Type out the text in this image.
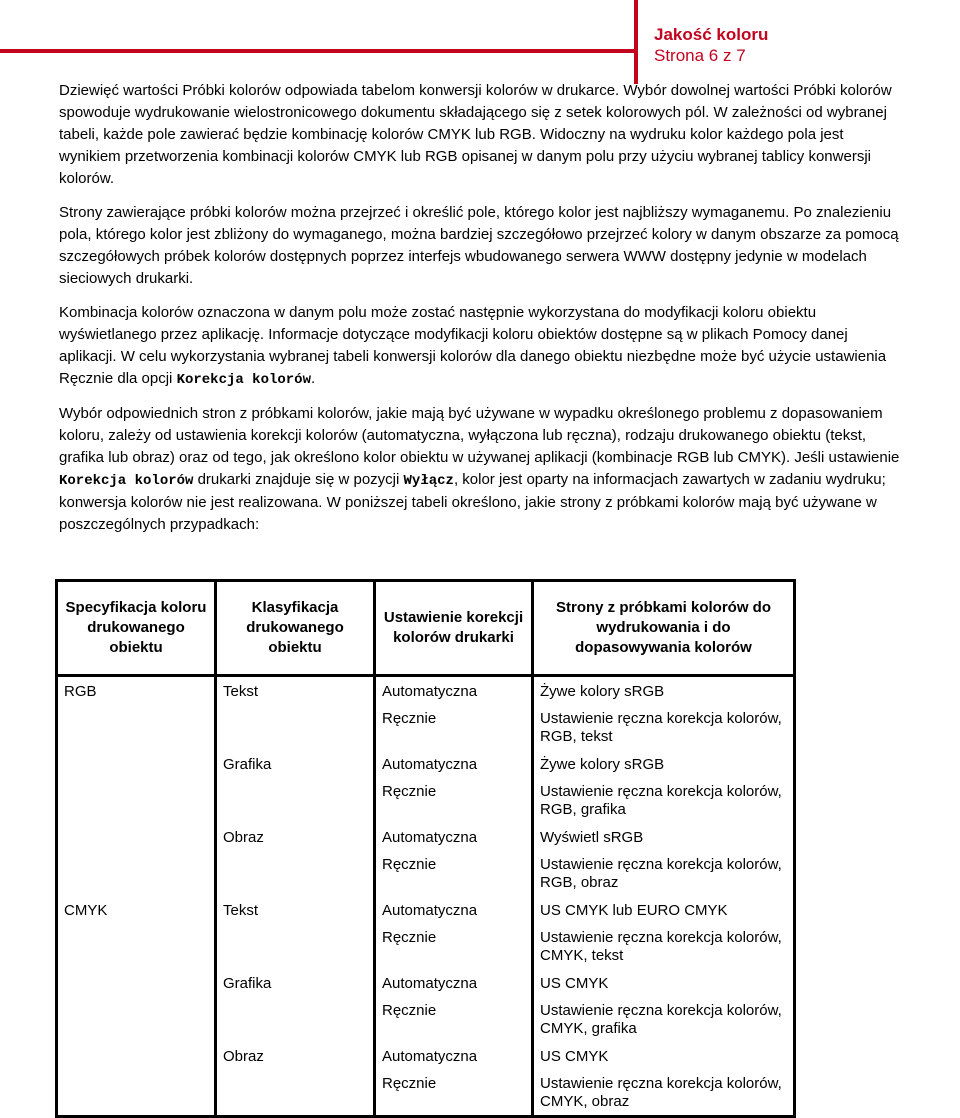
Jakość koloru
Strona 6 z 7

Dziewięć wartości Próbki kolorów odpowiada tabelom konwersji kolorów w drukarce. Wybór dowolnej wartości Próbki kolorów spowoduje wydrukowanie wielostronicowego dokumentu składającego się z setek kolorowych pól. W zależności od wybranej tabeli, każde pole zawierać będzie kombinację kolorów CMYK lub RGB. Widoczny na wydruku kolor każdego pola jest wynikiem przetworzenia kombinacji kolorów CMYK lub RGB opisanej w danym polu przy użyciu wybranej tablicy konwersji kolorów.

Strony zawierające próbki kolorów można przejrzeć i określić pole, którego kolor jest najbliższy wymaganemu. Po znalezieniu pola, którego kolor jest zbliżony do wymaganego, można bardziej szczegółowo przejrzeć kolory w danym obszarze za pomocą szczegółowych próbek kolorów dostępnych poprzez interfejs wbudowanego serwera WWW dostępny jedynie w modelach sieciowych drukarki.

Kombinacja kolorów oznaczona w danym polu może zostać następnie wykorzystana do modyfikacji koloru obiektu wyświetlanego przez aplikację. Informacje dotyczące modyfikacji koloru obiektów dostępne są w plikach Pomocy danej aplikacji. W celu wykorzystania wybranej tabeli konwersji kolorów dla danego obiektu niezbędne może być użycie ustawienia Ręcznie dla opcji Korekcja kolorów.

Wybór odpowiednich stron z próbkami kolorów, jakie mają być używane w wypadku określonego problemu z dopasowaniem koloru, zależy od ustawienia korekcji kolorów (automatyczna, wyłączona lub ręczna), rodzaju drukowanego obiektu (tekst, grafika lub obraz) oraz od tego, jak określono kolor obiektu w używanej aplikacji (kombinacje RGB lub CMYK). Jeśli ustawienie Korekcja kolorów drukarki znajduje się w pozycji Wyłącz, kolor jest oparty na informacjach zawartych w zadaniu wydruku; konwersja kolorów nie jest realizowana. W poniższej tabeli określono, jakie strony z próbkami kolorów mają być używane w poszczególnych przypadkach:

Specyfikacja koloru drukowanego obiektu	Klasyfikacja drukowanego obiektu	Ustawienie korekcji kolorów drukarki	Strony z próbkami kolorów do wydrukowania i do dopasowywania kolorów
RGB	Tekst	Automatyczna	Żywe kolory sRGB
		Ręcznie	Ustawienie ręczna korekcja kolorów, RGB, tekst
	Grafika	Automatyczna	Żywe kolory sRGB
		Ręcznie	Ustawienie ręczna korekcja kolorów, RGB, grafika
	Obraz	Automatyczna	Wyświetl sRGB
		Ręcznie	Ustawienie ręczna korekcja kolorów, RGB, obraz
CMYK	Tekst	Automatyczna	US CMYK lub EURO CMYK
		Ręcznie	Ustawienie ręczna korekcja kolorów, CMYK, tekst
	Grafika	Automatyczna	US CMYK
		Ręcznie	Ustawienie ręczna korekcja kolorów, CMYK, grafika
	Obraz	Automatyczna	US CMYK
		Ręcznie	Ustawienie ręczna korekcja kolorów, CMYK, obraz
